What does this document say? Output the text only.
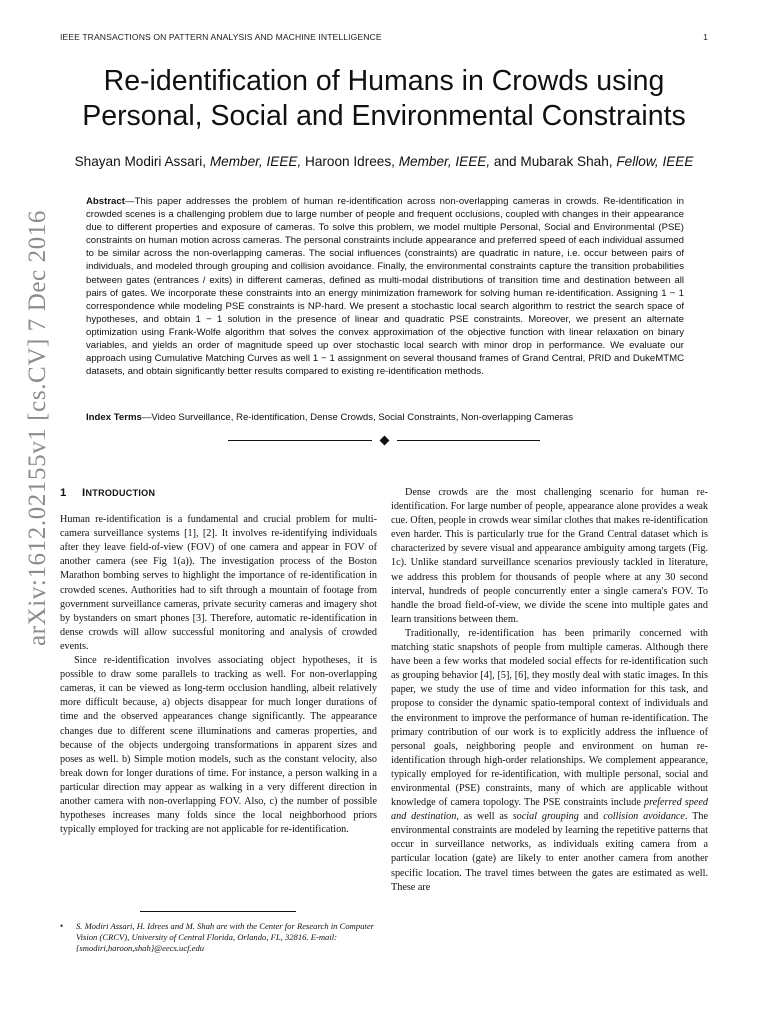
IEEE TRANSACTIONS ON PATTERN ANALYSIS AND MACHINE INTELLIGENCE	1
arXiv:1612.02155v1 [cs.CV] 7 Dec 2016
Re-identification of Humans in Crowds using
Personal, Social and Environmental Constraints
Shayan Modiri Assari, Member, IEEE, Haroon Idrees, Member, IEEE, and Mubarak Shah, Fellow, IEEE
Abstract—This paper addresses the problem of human re-identification across non-overlapping cameras in crowds. Re-identification in crowded scenes is a challenging problem due to large number of people and frequent occlusions, coupled with changes in their appearance due to different properties and exposure of cameras. To solve this problem, we model multiple Personal, Social and Environmental (PSE) constraints on human motion across cameras. The personal constraints include appearance and preferred speed of each individual assumed to be similar across the non-overlapping cameras. The social influences (constraints) are quadratic in nature, i.e. occur between pairs of individuals, and modeled through grouping and collision avoidance. Finally, the environmental constraints capture the transition probabilities between gates (entrances / exits) in different cameras, defined as multi-modal distributions of transition time and destination between all pairs of gates. We incorporate these constraints into an energy minimization framework for solving human re-identification. Assigning 1 − 1 correspondence while modeling PSE constraints is NP-hard. We present a stochastic local search algorithm to restrict the search space of hypotheses, and obtain 1 − 1 solution in the presence of linear and quadratic PSE constraints. Moreover, we present an alternate optimization using Frank-Wolfe algorithm that solves the convex approximation of the objective function with linear relaxation on binary variables, and yields an order of magnitude speed up over stochastic local search with minor drop in performance. We evaluate our approach using Cumulative Matching Curves as well 1 − 1 assignment on several thousand frames of Grand Central, PRID and DukeMTMC datasets, and obtain significantly better results compared to existing re-identification methods.
Index Terms—Video Surveillance, Re-identification, Dense Crowds, Social Constraints, Non-overlapping Cameras
1 INTRODUCTION

Human re-identification is a fundamental and crucial problem for multi-camera surveillance systems [1], [2]. It involves re-identifying individuals after they leave field-of-view (FOV) of one camera and appear in FOV of another camera (see Fig 1(a)). The investigation process of the Boston Marathon bombing serves to highlight the importance of re-identification in crowded scenes. Authorities had to sift through a mountain of footage from government surveillance cameras, private security cameras and imagery shot by bystanders on smart phones [3]. Therefore, automatic re-identification in dense crowds will allow successful monitoring and analysis of crowded events.

Since re-identification involves associating object hypotheses, it is possible to draw some parallels to tracking as well. For non-overlapping cameras, it can be viewed as long-term occlusion handling, albeit relatively more difficult because, a) objects disappear for much longer durations of time and the observed appearances change significantly. The appearance changes due to different scene illuminations and cameras properties, and because of the objects undergoing transformations in apparent sizes and poses as well. b) Simple motion models, such as the constant velocity, also break down for longer durations of time. For instance, a person walking in a particular direction may appear as walking in a very different direction in another camera with non-overlapping FOV. Also, c) the number of possible hypotheses increases many folds since the local neighborhood priors typically employed for tracking are not applicable for re-identification.

•	S. Modiri Assari, H. Idrees and M. Shah are with the Center for Research in Computer Vision (CRCV), University of Central Florida, Orlando, FL, 32816. E-mail: {smodiri,haroon,shah}@eecs.ucf.edu

Dense crowds are the most challenging scenario for human re-identification. For large number of people, appearance alone provides a weak cue. Often, people in crowds wear similar clothes that makes re-identification even harder. This is particularly true for the Grand Central dataset which is characterized by severe visual and appearance ambiguity among targets (Fig. 1c). Unlike standard surveillance scenarios previously tackled in literature, we address this problem for thousands of people where at any 30 second interval, hundreds of people concurrently enter a single camera's FOV. To handle the broad field-of-view, we divide the scene into multiple gates and learn transitions between them.

Traditionally, re-identification has been primarily concerned with matching static snapshots of people from multiple cameras. Although there have been a few works that modeled social effects for re-identification such as grouping behavior [4], [5], [6], they mostly deal with static images. In this paper, we study the use of time and video information for this task, and propose to consider the dynamic spatio-temporal context of individuals and the environment to improve the performance of human re-identification. The primary contribution of our work is to explicitly address the influence of personal goals, neighboring people and environment on human re-identification through high-order relationships. We complement appearance, typically employed for re-identification, with multiple personal, social and environmental (PSE) constraints, many of which are applicable without knowledge of camera topology. The PSE constraints include preferred speed and destination, as well as social grouping and collision avoidance. The environmental constraints are modeled by learning the repetitive patterns that occur in surveillance networks, as individuals exiting camera from a particular location (gate) are likely to enter another camera from another specific location. The travel times between the gates are estimated as well. These are
